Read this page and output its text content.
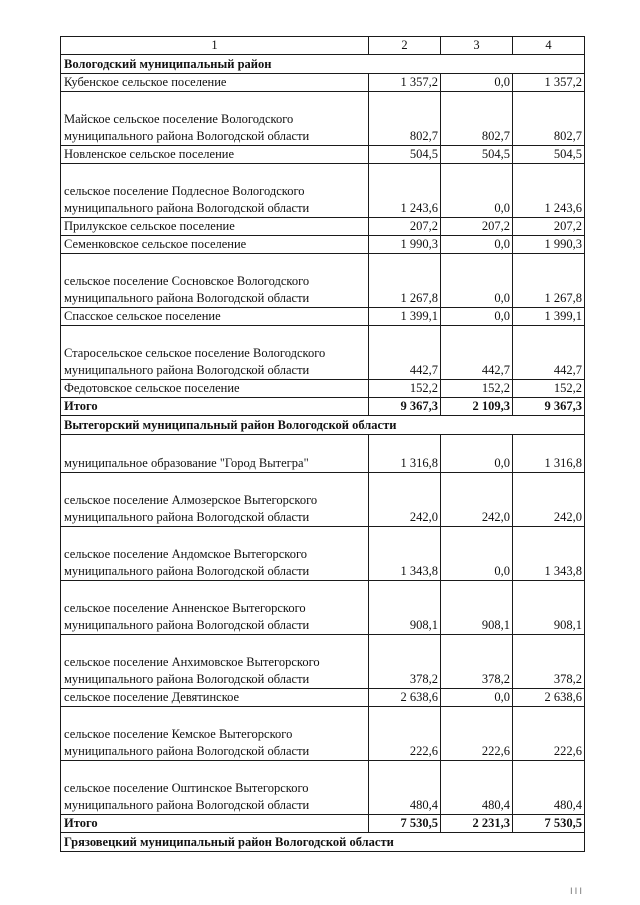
1	2	3	4
Вологодский муниципальный район			
Кубенское сельское поселение	1 357,2	0,0	1 357,2
Майское сельское поселение Вологодского муниципального района Вологодской области	802,7	802,7	802,7
Новленское сельское поселение	504,5	504,5	504,5
сельское поселение Подлесное Вологодского муниципального района Вологодской области	1 243,6	0,0	1 243,6
Прилукское сельское поселение	207,2	207,2	207,2
Семенковское сельское поселение	1 990,3	0,0	1 990,3
сельское поселение Сосновское Вологодского муниципального района Вологодской области	1 267,8	0,0	1 267,8
Спасское сельское поселение	1 399,1	0,0	1 399,1
Старосельское сельское поселение Вологодского муниципального района Вологодской области	442,7	442,7	442,7
Федотовское сельское поселение	152,2	152,2	152,2
Итого	9 367,3	2 109,3	9 367,3
Вытегорский муниципальный район Вологодской области			
муниципальное образование "Город Вытегра"	1 316,8	0,0	1 316,8
сельское поселение Алмозерское Вытегорского муниципального района Вологодской области	242,0	242,0	242,0
сельское поселение Андомское Вытегорского муниципального района Вологодской области	1 343,8	0,0	1 343,8
сельское поселение Анненское Вытегорского муниципального района Вологодской области	908,1	908,1	908,1
сельское поселение Анхимовское Вытегорского муниципального района Вологодской области	378,2	378,2	378,2
сельское поселение Девятинское	2 638,6	0,0	2 638,6
сельское поселение Кемское Вытегорского муниципального района Вологодской области	222,6	222,6	222,6
сельское поселение Оштинское Вытегорского муниципального района Вологодской области	480,4	480,4	480,4
Итого	7 530,5	2 231,3	7 530,5
Грязовецкий муниципальный район Вологодской области			
III
